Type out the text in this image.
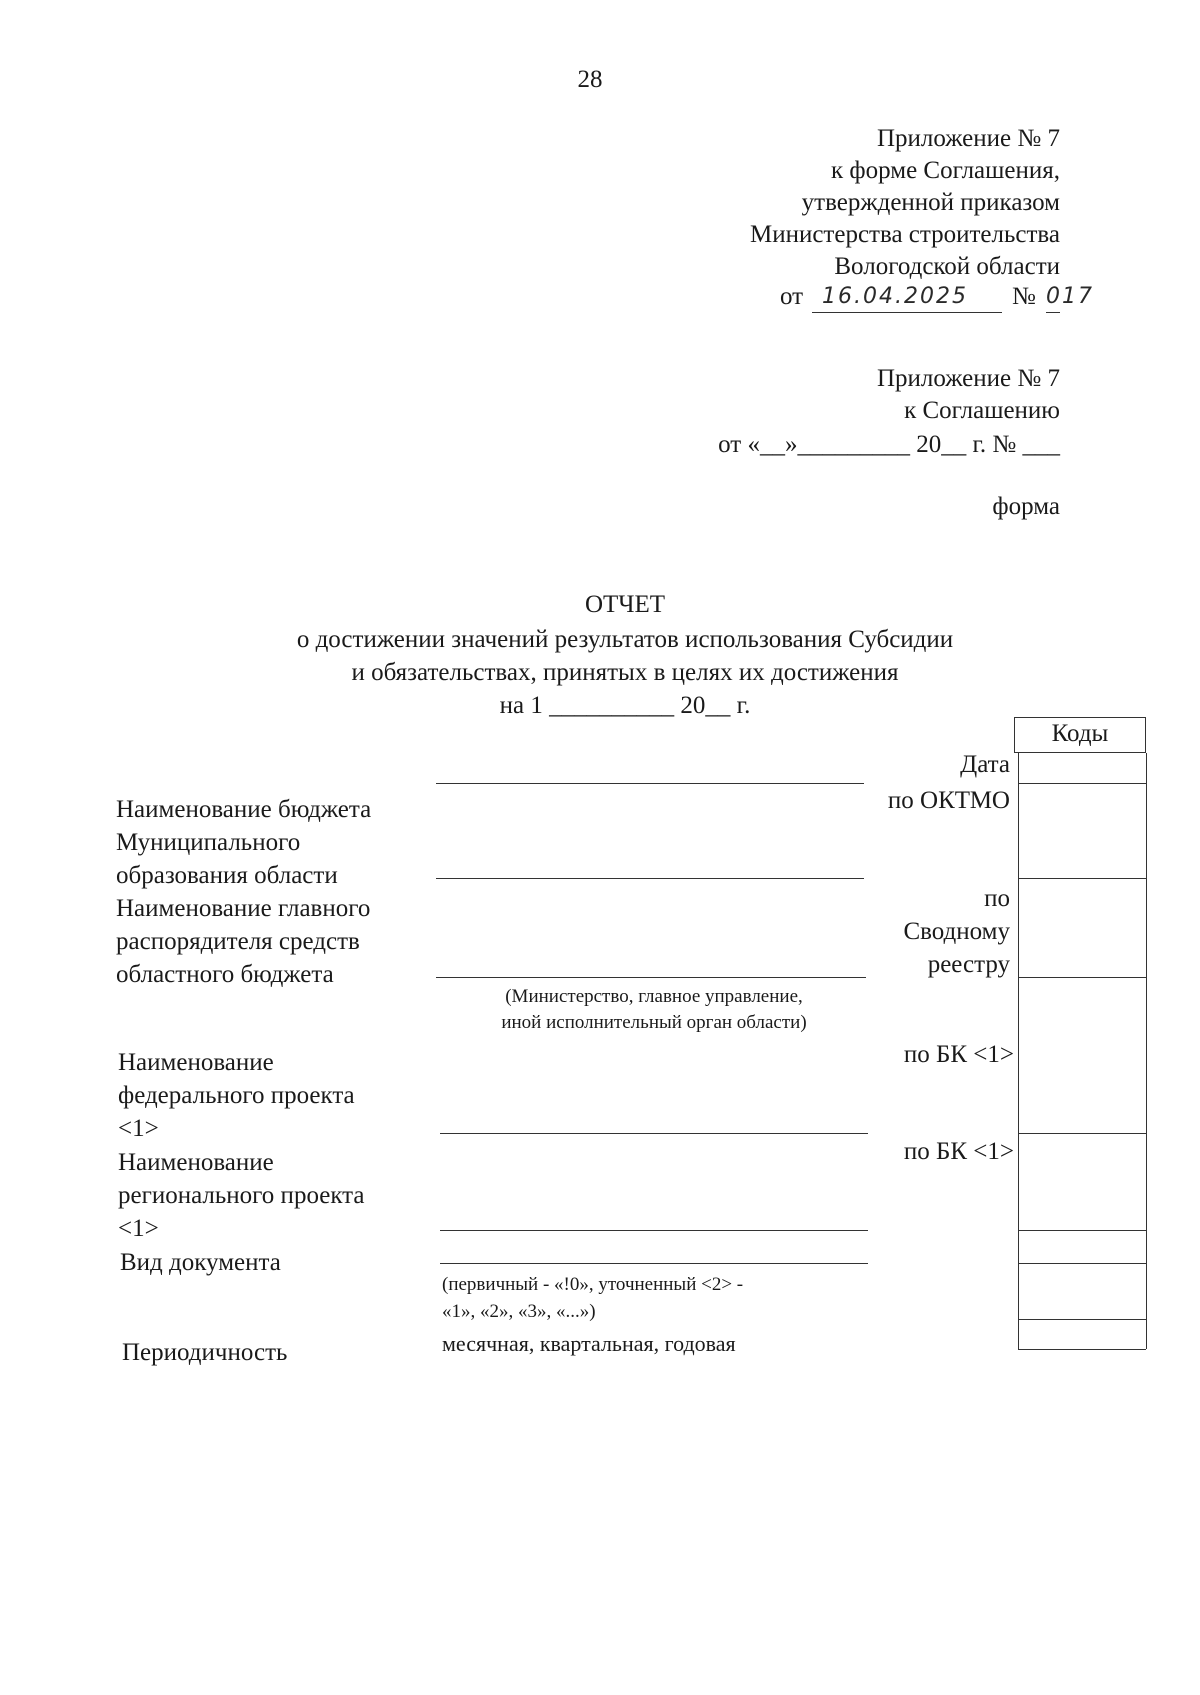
28
Приложение № 7
к форме Соглашения,
утвержденной приказом
Министерства строительства
Вологодской области
от 16.04.2025 № 017
Приложение № 7
к Соглашению
от «__»_________ 20__ г. № ___
форма
ОТЧЕТ
о достижении значений результатов использования Субсидии
и обязательствах, принятых в целях их достижения
на 1 __________ 20__ г.
Коды
Дата
по ОКТМО
по
Сводному
реестру
по БК <1>
по БК <1>
Наименование бюджета
Муниципального
образования области
Наименование главного
распорядителя средств
областного бюджета
Наименование
федерального проекта
<1>
Наименование
регионального проекта
<1>
Вид документа
Периодичность
(Министерство, главное управление,
иной исполнительный орган области)
(первичный - «!0», уточненный <2> -
«1», «2», «3», «...»)
месячная, квартальная, годовая
